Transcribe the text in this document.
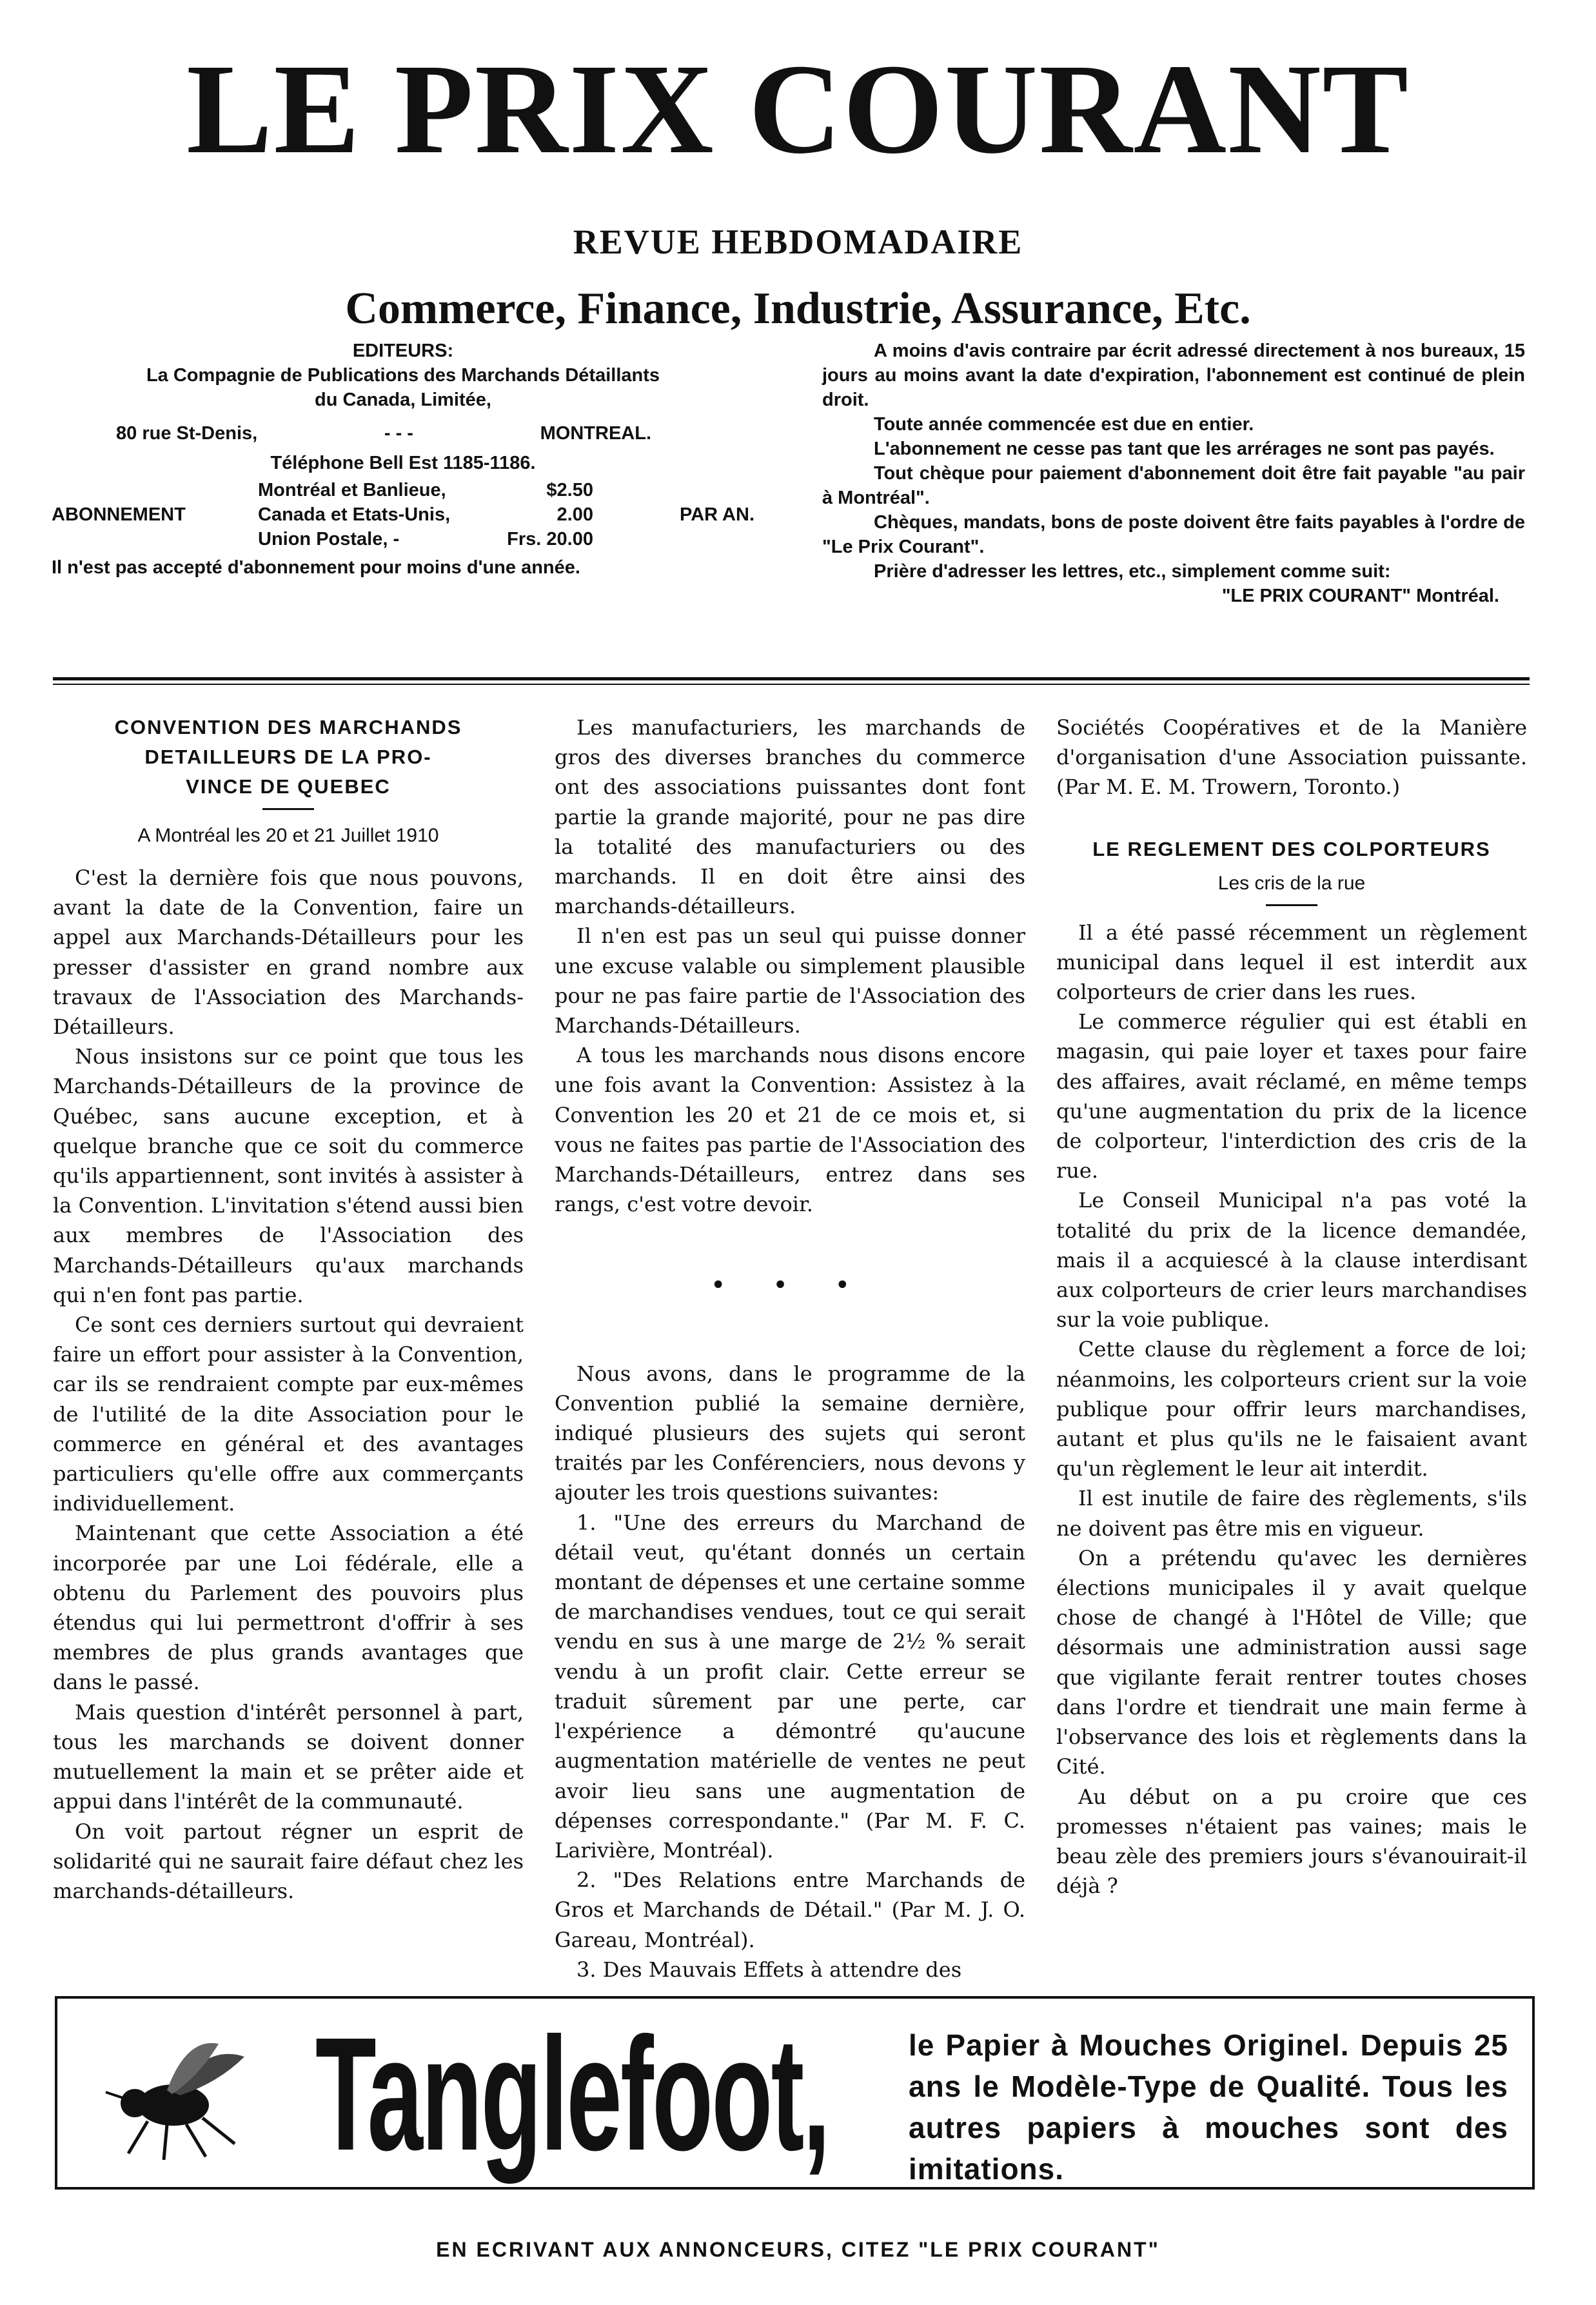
LE PRIX COURANT
REVUE HEBDOMADAIRE
Commerce, Finance, Industrie, Assurance, Etc.
EDITEURS:
La Compagnie de Publications des Marchands Détaillants
du Canada, Limitée,
80 rue St-Denis,	- - -	MONTREAL.
Téléphone Bell Est 1185-1186.
ABONNEMENT
Montréal et Banlieue,	$2.50
Canada et Etats-Unis,	2.00
Union Postale, -	Frs. 20.00
PAR AN.
Il n'est pas accepté d'abonnement pour moins d'une année.

A moins d'avis contraire par écrit adressé directement à nos bureaux, 15 jours au moins avant la date d'expiration, l'abonnement est continué de plein droit.

Toute année commencée est due en entier.

L'abonnement ne cesse pas tant que les arrérages ne sont pas payés.

Tout chèque pour paiement d'abonnement doit être fait payable "au pair à Montréal".

Chèques, mandats, bons de poste doivent être faits payables à l'ordre de "Le Prix Courant".

Prière d'adresser les lettres, etc., simplement comme suit:

"LE PRIX COURANT" Montréal.
CONVENTION DES MARCHANDS
DETAILLEURS DE LA PRO-
VINCE DE QUEBEC
A Montréal les 20 et 21 Juillet 1910

C'est la dernière fois que nous pouvons, avant la date de la Convention, faire un appel aux Marchands-Détailleurs pour les presser d'assister en grand nombre aux travaux de l'Association des Marchands-Détailleurs.

Nous insistons sur ce point que tous les Marchands-Détailleurs de la province de Québec, sans aucune exception, et à quelque branche que ce soit du commerce qu'ils appartiennent, sont invités à assister à la Convention. L'invitation s'étend aussi bien aux membres de l'Association des Marchands-Détailleurs qu'aux marchands qui n'en font pas partie.

Ce sont ces derniers surtout qui devraient faire un effort pour assister à la Convention, car ils se rendraient compte par eux-mêmes de l'utilité de la dite Association pour le commerce en général et des avantages particuliers qu'elle offre aux commerçants individuellement.

Maintenant que cette Association a été incorporée par une Loi fédérale, elle a obtenu du Parlement des pouvoirs plus étendus qui lui permettront d'offrir à ses membres de plus grands avantages que dans le passé.

Mais question d'intérêt personnel à part, tous les marchands se doivent donner mutuellement la main et se prêter aide et appui dans l'intérêt de la communauté.

On voit partout régner un esprit de solidarité qui ne saurait faire défaut chez les marchands-détailleurs.

Les manufacturiers, les marchands de gros des diverses branches du commerce ont des associations puissantes dont font partie la grande majorité, pour ne pas dire la totalité des manufacturiers ou des marchands. Il en doit être ainsi des marchands-détailleurs.

Il n'en est pas un seul qui puisse donner une excuse valable ou simplement plausible pour ne pas faire partie de l'Association des Marchands-Détailleurs.

A tous les marchands nous disons encore une fois avant la Convention: Assistez à la Convention les 20 et 21 de ce mois et, si vous ne faites pas partie de l'Association des Marchands-Détailleurs, entrez dans ses rangs, c'est votre devoir.

• • •

Nous avons, dans le programme de la Convention publié la semaine dernière, indiqué plusieurs des sujets qui seront traités par les Conférenciers, nous devons y ajouter les trois questions suivantes:

1. "Une des erreurs du Marchand de détail veut, qu'étant donnés un certain montant de dépenses et une certaine somme de marchandises vendues, tout ce qui serait vendu en sus à une marge de 2½ % serait vendu à un profit clair. Cette erreur se traduit sûrement par une perte, car l'expérience a démontré qu'aucune augmentation matérielle de ventes ne peut avoir lieu sans une augmentation de dépenses correspondante." (Par M. F. C. Larivière, Montréal).

2. "Des Relations entre Marchands de Gros et Marchands de Détail." (Par M. J. O. Gareau, Montréal).

3. Des Mauvais Effets à attendre des

Sociétés Coopératives et de la Manière d'organisation d'une Association puissante. (Par M. E. M. Trowern, Toronto.)

LE REGLEMENT DES COLPORTEURS
Les cris de la rue

Il a été passé récemment un règlement municipal dans lequel il est interdit aux colporteurs de crier dans les rues.

Le commerce régulier qui est établi en magasin, qui paie loyer et taxes pour faire des affaires, avait réclamé, en même temps qu'une augmentation du prix de la licence de colporteur, l'interdiction des cris de la rue.

Le Conseil Municipal n'a pas voté la totalité du prix de la licence demandée, mais il a acquiescé à la clause interdisant aux colporteurs de crier leurs marchandises sur la voie publique.

Cette clause du règlement a force de loi; néanmoins, les colporteurs crient sur la voie publique pour offrir leurs marchandises, autant et plus qu'ils ne le faisaient avant qu'un règlement le leur ait interdit.

Il est inutile de faire des règlements, s'ils ne doivent pas être mis en vigueur.

On a prétendu qu'avec les dernières élections municipales il y avait quelque chose de changé à l'Hôtel de Ville; que désormais une administration aussi sage que vigilante ferait rentrer toutes choses dans l'ordre et tiendrait une main ferme à l'observance des lois et règlements dans la Cité.

Au début on a pu croire que ces promesses n'étaient pas vaines; mais le beau zèle des premiers jours s'évanouirait-il déjà ?

Tanglefoot,	le Papier à Mouches Originel. Depuis 25 ans le Modèle-Type de Qualité. Tous les autres papiers à mouches sont des imitations.
EN ECRIVANT AUX ANNONCEURS, CITEZ "LE PRIX COURANT"
